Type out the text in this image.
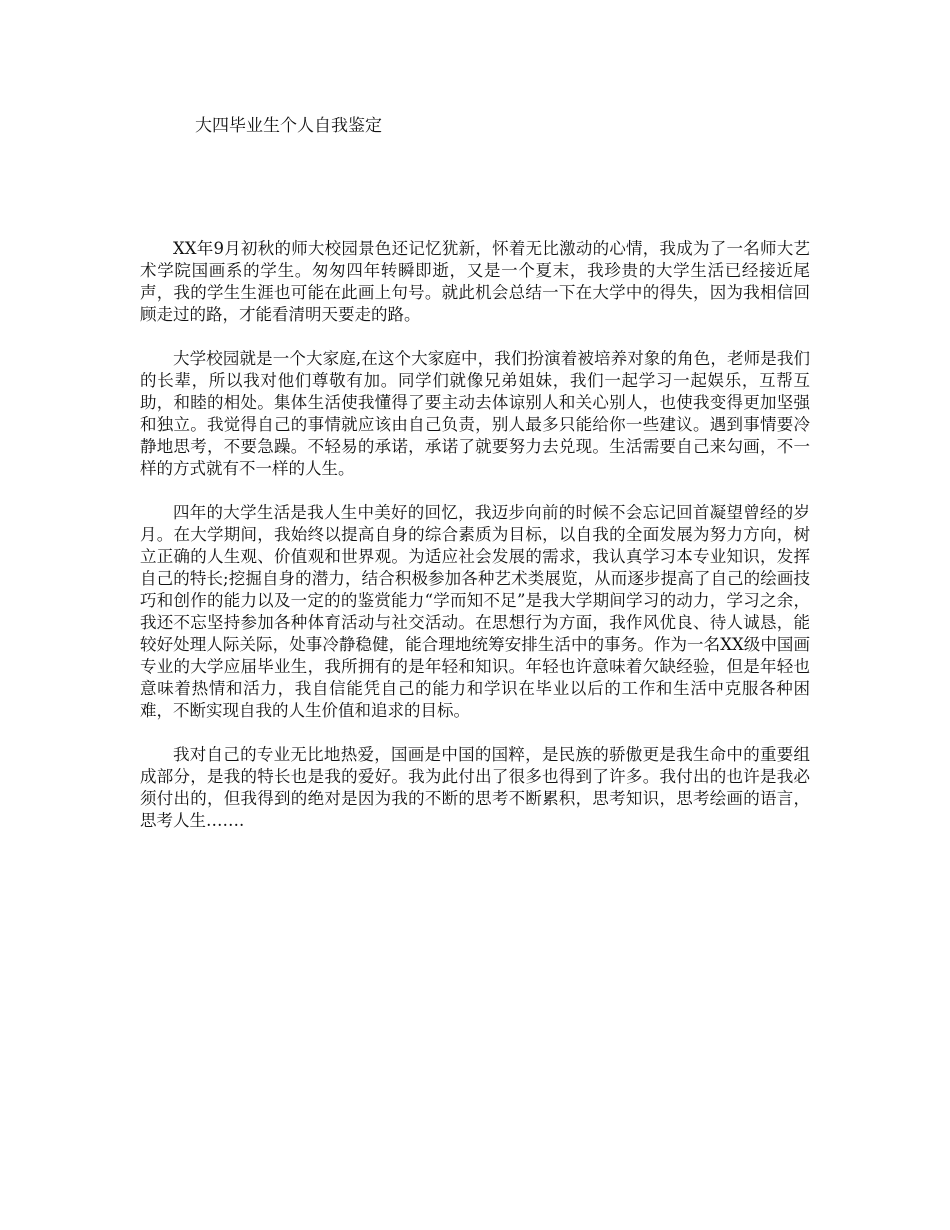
大四毕业生个人自我鉴定

XX年9月初秋的师大校园景色还记忆犹新，怀着无比激动的心情，我成为了一名师大艺术学院国画系的学生。匆匆四年转瞬即逝，又是一个夏末，我珍贵的大学生活已经接近尾声，我的学生生涯也可能在此画上句号。就此机会总结一下在大学中的得失，因为我相信回顾走过的路，才能看清明天要走的路。

大学校园就是一个大家庭,在这个大家庭中，我们扮演着被培养对象的角色，老师是我们的长辈，所以我对他们尊敬有加。同学们就像兄弟姐妹，我们一起学习一起娱乐，互帮互助，和睦的相处。集体生活使我懂得了要主动去体谅别人和关心别人，也使我变得更加坚强和独立。我觉得自己的事情就应该由自己负责，别人最多只能给你一些建议。遇到事情要冷静地思考，不要急躁。不轻易的承诺，承诺了就要努力去兑现。生活需要自己来勾画，不一样的方式就有不一样的人生。

四年的大学生活是我人生中美好的回忆，我迈步向前的时候不会忘记回首凝望曾经的岁月。在大学期间，我始终以提高自身的综合素质为目标，以自我的全面发展为努力方向，树立正确的人生观、价值观和世界观。为适应社会发展的需求，我认真学习本专业知识，发挥自己的特长;挖掘自身的潜力，结合积极参加各种艺术类展览，从而逐步提高了自己的绘画技巧和创作的能力以及一定的的鉴赏能力“学而知不足”是我大学期间学习的动力，学习之余，我还不忘坚持参加各种体育活动与社交活动。在思想行为方面，我作风优良、待人诚恳，能较好处理人际关际，处事冷静稳健，能合理地统筹安排生活中的事务。作为一名XX级中国画专业的大学应届毕业生，我所拥有的是年轻和知识。年轻也许意味着欠缺经验，但是年轻也意味着热情和活力，我自信能凭自己的能力和学识在毕业以后的工作和生活中克服各种困难，不断实现自我的人生价值和追求的目标。

我对自己的专业无比地热爱，国画是中国的国粹，是民族的骄傲更是我生命中的重要组成部分，是我的特长也是我的爱好。我为此付出了很多也得到了许多。我付出的也许是我必须付出的，但我得到的绝对是因为我的不断的思考不断累积，思考知识，思考绘画的语言，思考人生…….
